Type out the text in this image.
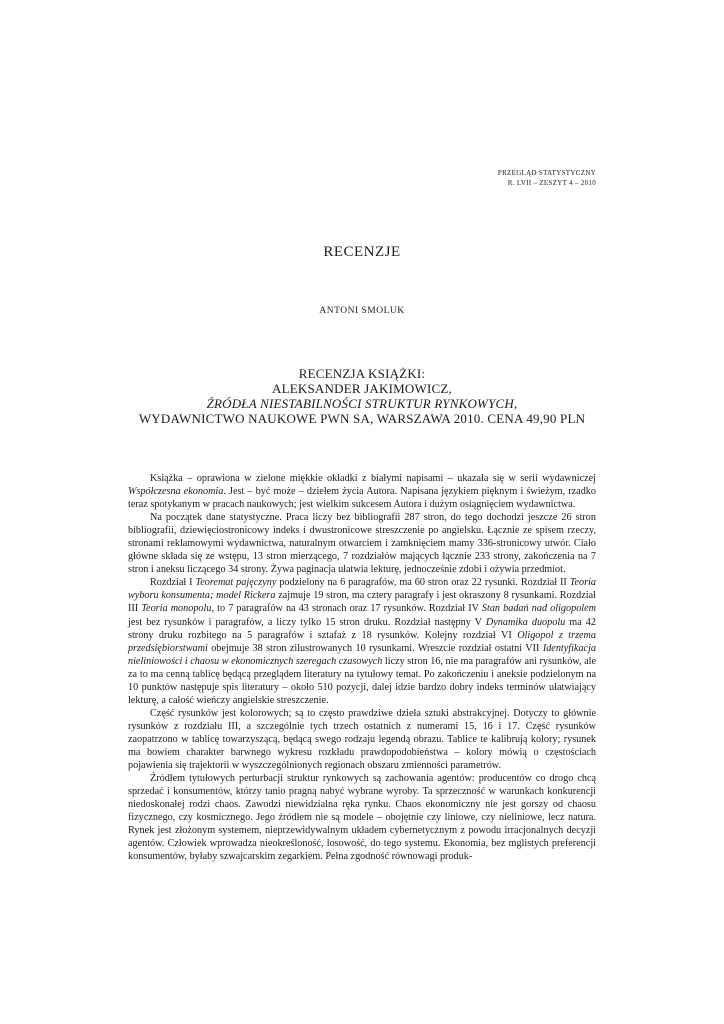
PRZEGLĄD STATYSTYCZNY
R. LVII – ZESZYT 4 – 2010
RECENZJE
ANTONI SMOLUK
RECENZJA KSIĄŻKI:
ALEKSANDER JAKIMOWICZ,
ŹRÓDŁA NIESTABILNOŚCI STRUKTUR RYNKOWYCH,
WYDAWNICTWO NAUKOWE PWN SA, WARSZAWA 2010. CENA 49,90 PLN

Książka – oprawiona w zielone miękkie okładki z białymi napisami – ukazała się w serii wydawniczej Współczesna ekonomia. Jest – być może – dziełem życia Autora. Napisana językiem pięknym i świeżym, rzadko teraz spotykanym w pracach naukowych; jest wielkim sukcesem Autora i dużym osiągnięciem wydawnictwa.

Na początek dane statystyczne. Praca liczy bez bibliografii 287 stron, do tego dochodzi jeszcze 26 stron bibliografii, dziewięciostronicowy indeks i dwustronicowe streszczenie po angielsku. Łącznie ze spisem rzeczy, stronami reklamowymi wydawnictwa, naturalnym otwarciem i zamknięciem mamy 336-stronicowy utwór. Ciało główne składa się ze wstępu, 13 stron mierzącego, 7 rozdziałów mających łącznie 233 strony, zakończenia na 7 stron i aneksu liczącego 34 strony. Żywa paginacja ułatwia lekturę, jednocześnie zdobi i ożywia przedmiot.

Rozdział I Teoremat pajęczyny podzielony na 6 paragrafów, ma 60 stron oraz 22 rysunki. Rozdział II Teoria wyboru konsumenta; model Rickera zajmuje 19 stron, ma cztery paragrafy i jest okraszony 8 rysunkami. Rozdział III Teoria monopolu, to 7 paragrafów na 43 stronach oraz 17 rysunków. Rozdział IV Stan badań nad oligopolem jest bez rysunków i paragrafów, a liczy tylko 15 stron druku. Rozdział następny V Dynamika duopolu ma 42 strony druku rozbitego na 5 paragrafów i sztafaż z 18 rysunków. Kolejny rozdział VI Oligopol z trzema przedsiębiorstwami obejmuje 38 stron zilustrowanych 10 rysunkami. Wreszcie rozdział ostatni VII Identyfikacja nieliniowości i chaosu w ekonomicznych szeregach czasowych liczy stron 16, nie ma paragrafów ani rysunków, ale za to ma cenną tablicę będącą przeglądem literatury na tytułowy temat. Po zakończeniu i aneksie podzielonym na 10 punktów następuje spis literatury – około 510 pozycji, dalej idzie bardzo dobry indeks terminów ułatwiający lekturę, a całość wieńczy angielskie streszczenie.

Część rysunków jest kolorowych; są to często prawdziwe dzieła sztuki abstrakcyjnej. Dotyczy to głównie rysunków z rozdziału III, a szczególnie tych trzech ostatnich z numerami 15, 16 i 17. Część rysunków zaopatrzono w tablicę towarzyszącą, będącą swego rodzaju legendą obrazu. Tablice te kalibrują kolory; rysunek ma bowiem charakter barwnego wykresu rozkładu prawdopodobieństwa – kolory mówią o częstościach pojawienia się trajektorii w wyszczególnionych regionach obszaru zmienności parametrów.

Źródłem tytułowych perturbacji struktur rynkowych są zachowania agentów: producentów co drogo chcą sprzedać i konsumentów, którzy tanio pragną nabyć wybrane wyroby. Ta sprzeczność w warunkach konkurencji niedoskonałej rodzi chaos. Zawodzi niewidzialna ręka rynku. Chaos ekonomiczny nie jest gorszy od chaosu fizycznego, czy kosmicznego. Jego źródłem nie są modele – obojętnie czy liniowe, czy nieliniowe, lecz natura. Rynek jest złożonym systemem, nieprzewidywalnym układem cybernetycznym z powodu irracjonalnych decyzji agentów. Człowiek wprowadza nieokreśloność, losowość, do tego systemu. Ekonomia, bez mglistych preferencji konsumentów, byłaby szwajcarskim zegarkiem. Pełna zgodność równowagi produk-
